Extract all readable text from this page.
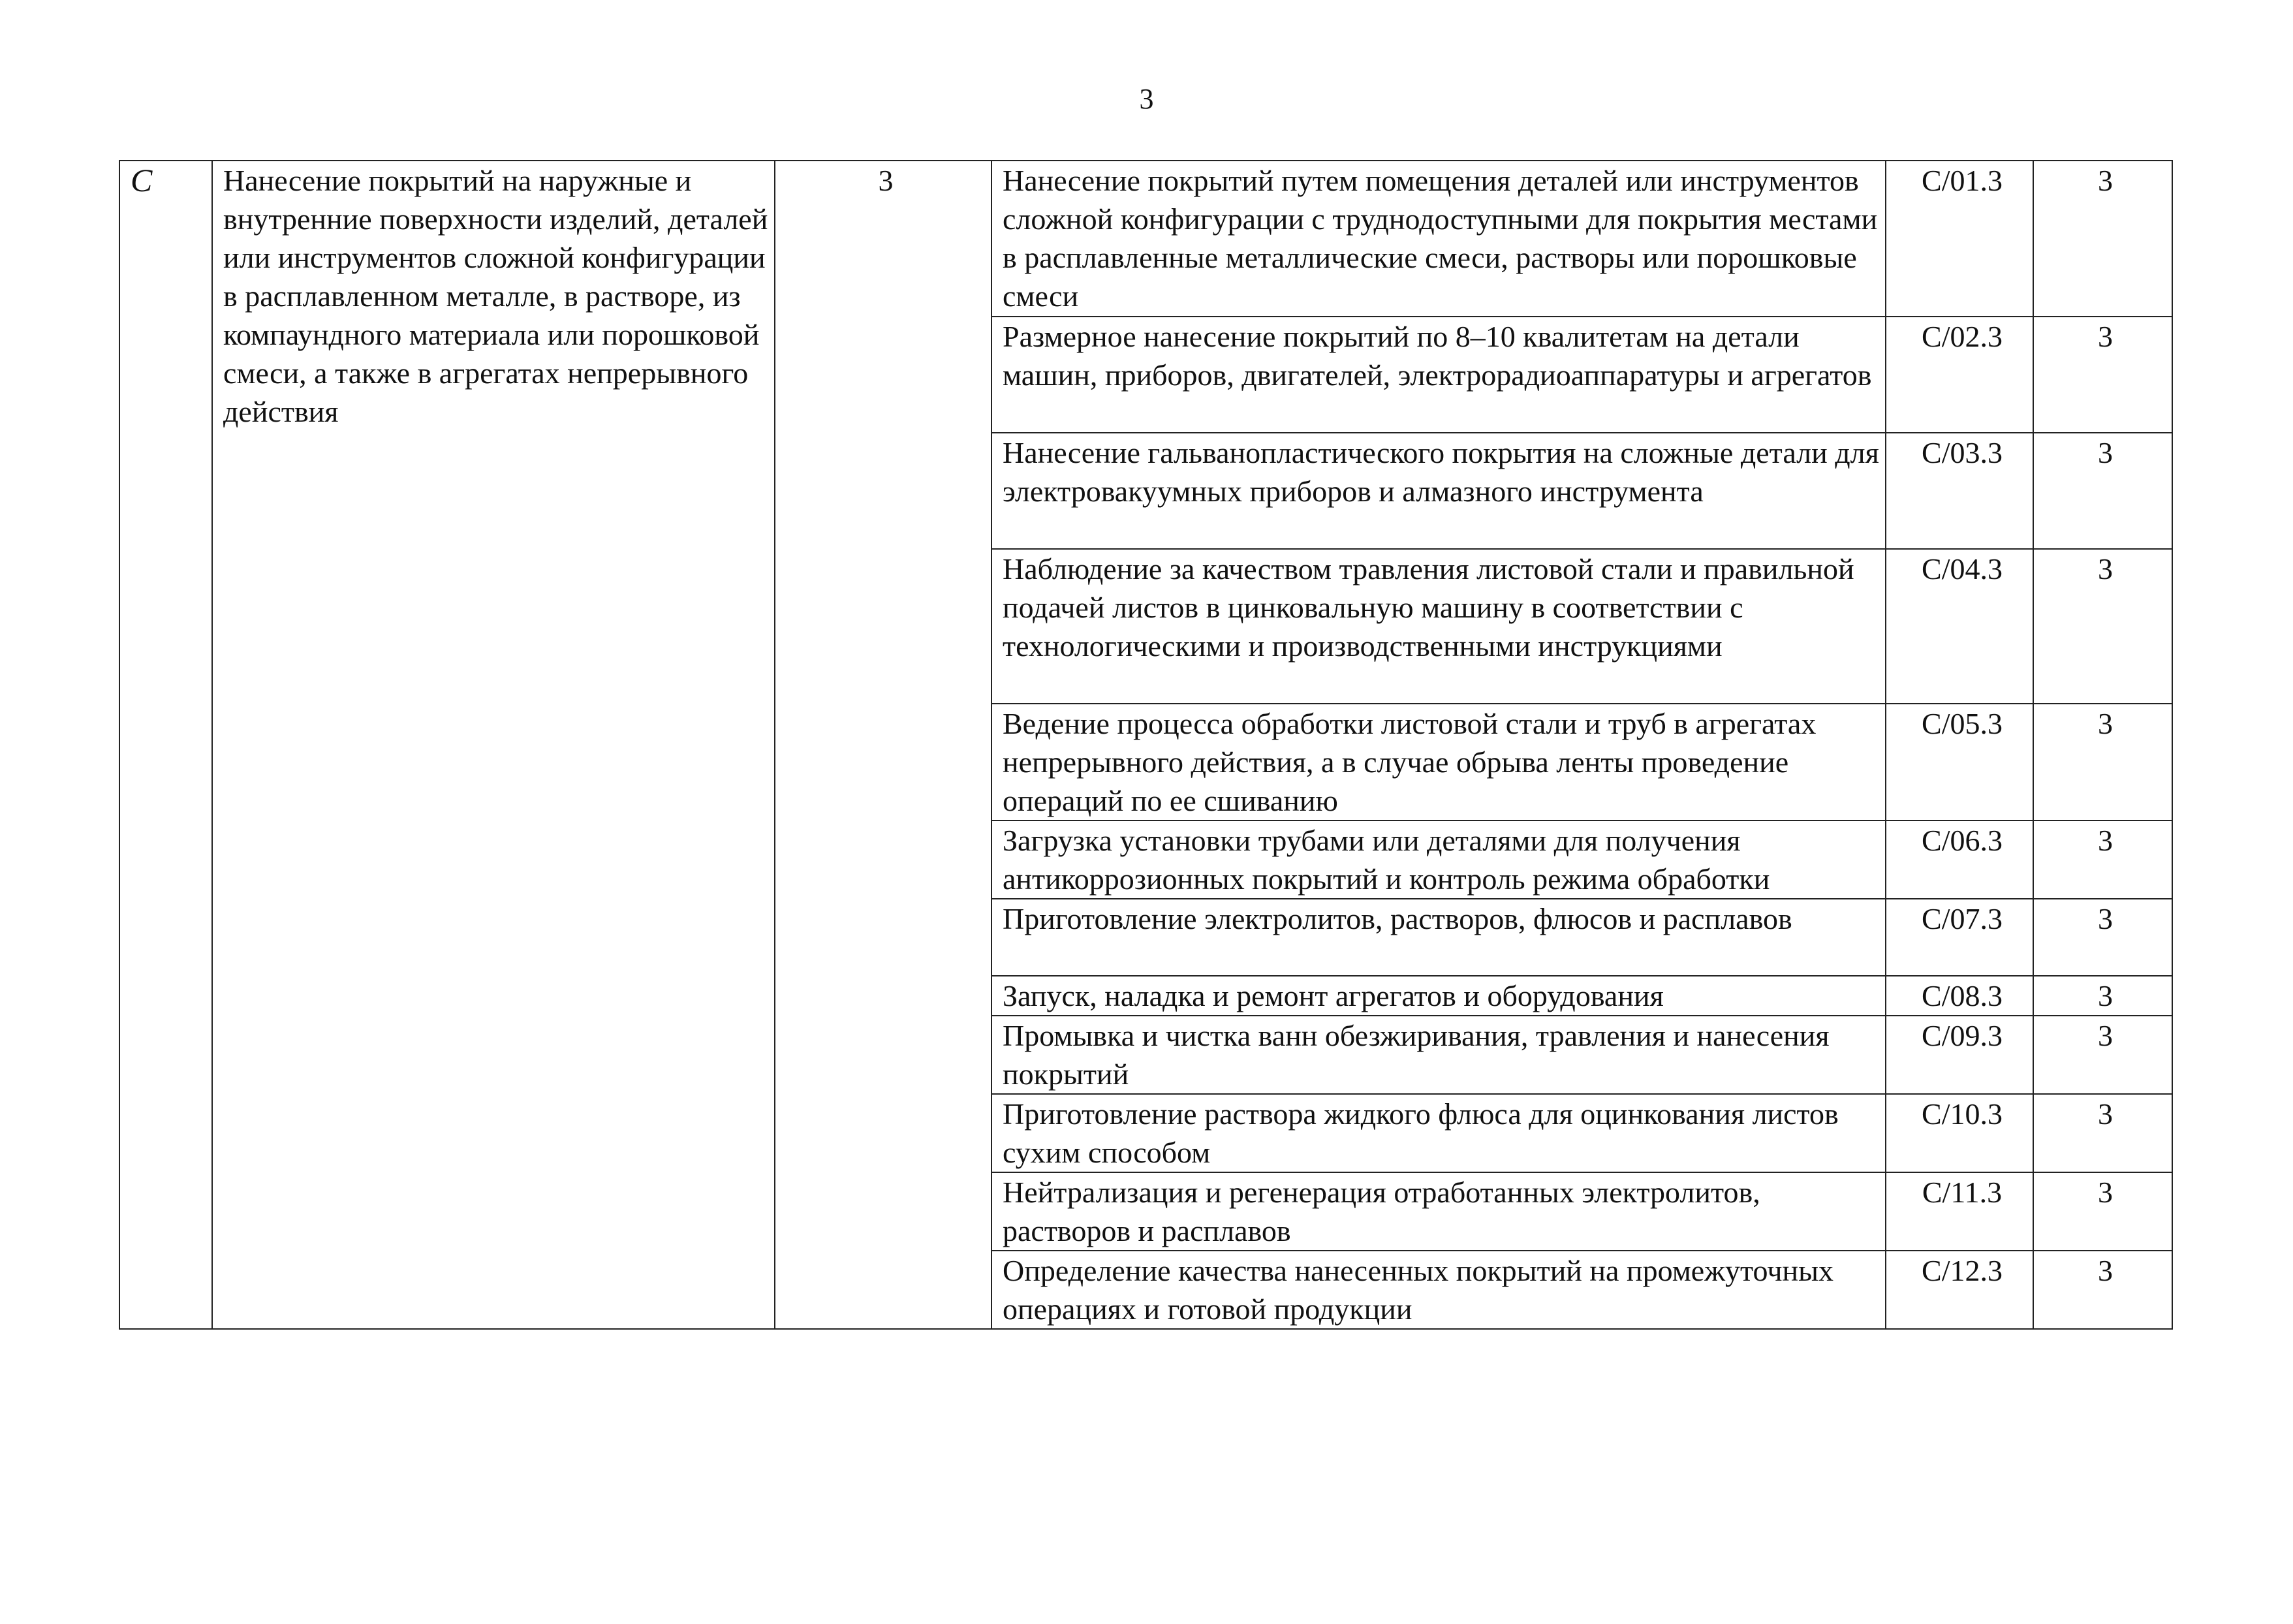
3
С	Нанесение покрытий на наружные и внутренние поверхности изделий, деталей или инструментов сложной конфигурации в расплавленном металле, в растворе, из компаундного материала или порошковой смеси, а также в агрегатах непрерывного действия	3	Нанесение покрытий путем помещения деталей или инструментов сложной конфигурации с труднодоступными для покрытия местами в расплавленные металлические смеси, растворы или порошковые смеси	С/01.3	3
			Размерное нанесение покрытий по 8–10 квалитетам на детали машин, приборов, двигателей, электрорадиоаппаратуры и агрегатов	С/02.3	3
			Нанесение гальванопластического покрытия на сложные детали для электровакуумных приборов и алмазного инструмента	С/03.3	3
			Наблюдение за качеством травления листовой стали и правильной подачей листов в цинковальную машину в соответствии с технологическими и производственными инструкциями	С/04.3	3
			Ведение процесса обработки листовой стали и труб в агрегатах непрерывного действия, а в случае обрыва ленты проведение операций по ее сшиванию	С/05.3	3
			Загрузка установки трубами или деталями для получения антикоррозионных покрытий и контроль режима обработки	С/06.3	3
			Приготовление электролитов, растворов, флюсов и расплавов	С/07.3	3
			Запуск, наладка и ремонт агрегатов и оборудования	С/08.3	3
			Промывка и чистка ванн обезжиривания, травления и нанесения покрытий	С/09.3	3
			Приготовление раствора жидкого флюса для оцинкования листов сухим способом	С/10.3	3
			Нейтрализация и регенерация отработанных электролитов, растворов и расплавов	С/11.3	3
			Определение качества нанесенных покрытий на промежуточных операциях и готовой продукции	С/12.3	3
